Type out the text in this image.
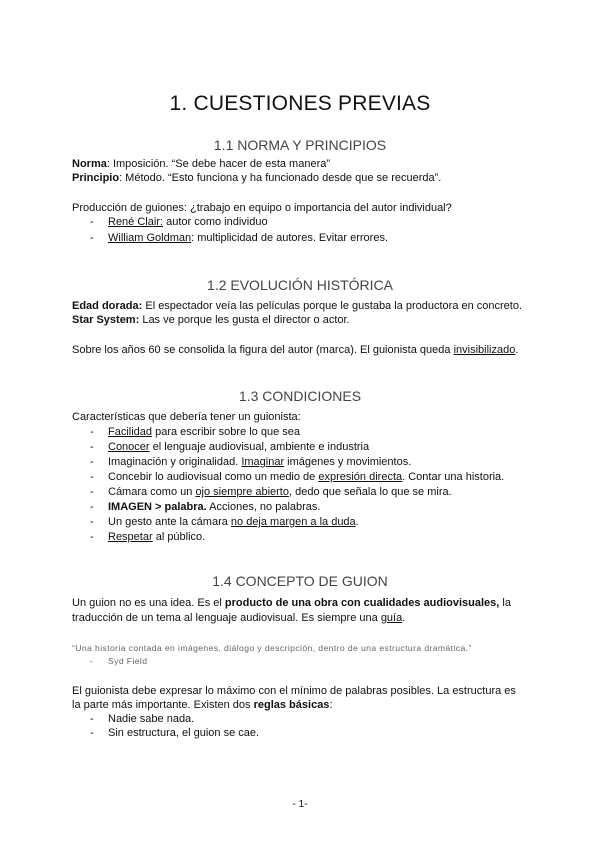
1. CUESTIONES PREVIAS
1.1 NORMA Y PRINCIPIOS
Norma: Imposición. “Se debe hacer de esta manera”
Principio: Método. “Esto funciona y ha funcionado desde que se recuerda”.
Producción de guiones: ¿trabajo en equipo o importancia del autor individual?
- René Clair: autor como individuo
- William Goldman: multiplicidad de autores. Evitar errores.
1.2 EVOLUCIÓN HISTÓRICA
Edad dorada: El espectador veía las películas porque le gustaba la productora en concreto.
Star System: Las ve porque les gusta el director o actor.
Sobre los años 60 se consolida la figura del autor (marca). El guionista queda invisibilizado.
1.3 CONDICIONES
Características que debería tener un guionista:
- Facilidad para escribir sobre lo que sea
- Conocer el lenguaje audiovisual, ambiente e industria
- Imaginación y originalidad. Imaginar imágenes y movimientos.
- Concebir lo audiovisual como un medio de expresión directa. Contar una historia.
- Cámara como un ojo siempre abierto, dedo que señala lo que se mira.
- IMAGEN > palabra. Acciones, no palabras.
- Un gesto ante la cámara no deja margen a la duda.
- Respetar al público.
1.4 CONCEPTO DE GUION
Un guion no es una idea. Es el producto de una obra con cualidades audiovisuales, la
traducción de un tema al lenguaje audiovisual. Es siempre una guía.
“Una historia contada en imágenes, diálogo y descripción, dentro de una estructura dramática.”
- Syd Field
El guionista debe expresar lo máximo con el mínimo de palabras posibles. La estructura es
la parte más importante. Existen dos reglas básicas:
- Nadie sabe nada.
- Sin estructura, el guion se cae.
- 1-
